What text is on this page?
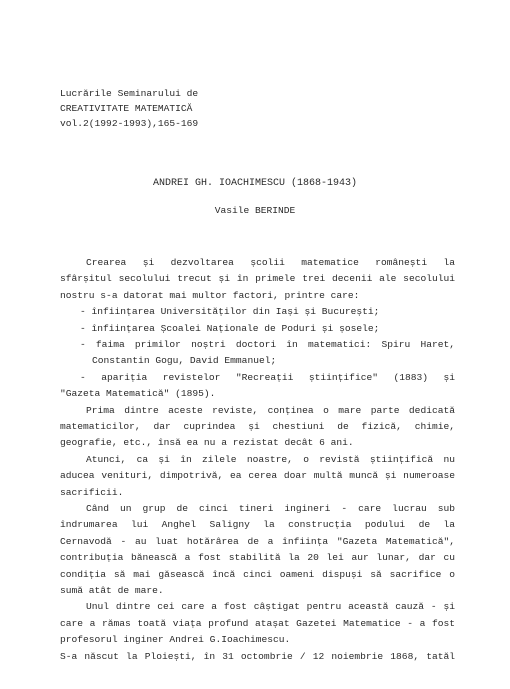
Lucrările Seminarului de
CREATIVITATE MATEMATICĂ
vol.2(1992-1993),165-169
ANDREI GH. IOACHIMESCU (1868-1943)
Vasile BERINDE
Crearea și dezvoltarea școlii matematice românești la
sfârșitul secolului trecut și în primele trei decenii ale secolului
nostru s-a datorat mai multor factori, printre care:
- înființarea Universităților din Iași și București;
- înființarea Școalei Naționale de Poduri și șosele;
- faima primilor noștri doctori în matematici: Spiru Haret,
Constantin Gogu, David Emmanuel;
- apariția revistelor "Recreații științifice" (1883) și
"Gazeta Matematică" (1895).
Prima dintre aceste reviste, conținea o mare parte dedicată
matematicilor, dar cuprindea și chestiuni de fizică, chimie,
geografie, etc., însă ea nu a rezistat decât 6 ani.
Atunci, ca și în zilele noastre, o revistă științifică nu
aducea venituri, dimpotrivă, ea cerea doar multă muncă și numeroase
sacrificii.
Când un grup de cinci tineri ingineri - care lucrau sub
îndrumarea lui Anghel Saligny la construcția podului de la
Cernavodă - au luat hotărârea de a înființa "Gazeta Matematică",
contribuția bănească a fost stabilită la 20 lei aur lunar, dar cu
condiția să mai găsească încă cinci oameni dispuși să sacrifice o
sumă atât de mare.
Unul dintre cei care a fost câștigat pentru această cauză - și
care a rămas toată viața profund atașat Gazetei Matematice - a fost
profesorul inginer Andrei G.Ioachimescu.
S-a născut la Ploiești, în 31 octombrie / 12 noiembrie 1868, tatăl
